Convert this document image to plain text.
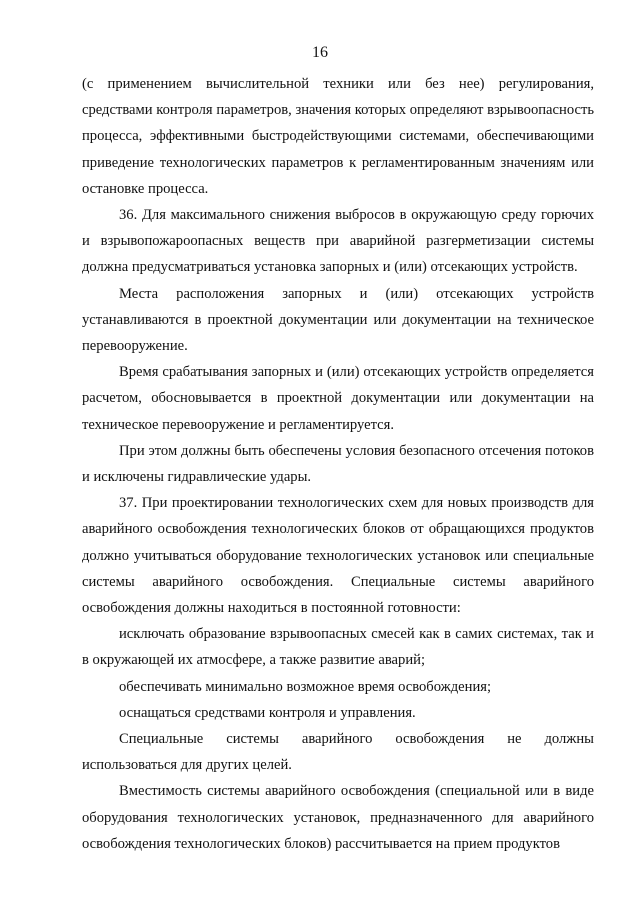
16

(с применением вычислительной техники или без нее) регулирования, средствами контроля параметров, значения которых определяют взрывоопасность процесса, эффективными быстродействующими системами, обеспечивающими приведение технологических параметров к регламентированным значениям или остановке процесса.

36. Для максимального снижения выбросов в окружающую среду горючих и взрывопожароопасных веществ при аварийной разгерметизации системы должна предусматриваться установка запорных и (или) отсекающих устройств.

Места расположения запорных и (или) отсекающих устройств устанавливаются в проектной документации или документации на техническое перевооружение.

Время срабатывания запорных и (или) отсекающих устройств определяется расчетом, обосновывается в проектной документации или документации на техническое перевооружение и регламентируется.

При этом должны быть обеспечены условия безопасного отсечения потоков и исключены гидравлические удары.

37. При проектировании технологических схем для новых производств для аварийного освобождения технологических блоков от обращающихся продуктов должно учитываться оборудование технологических установок или специальные системы аварийного освобождения. Специальные системы аварийного освобождения должны находиться в постоянной готовности:

исключать образование взрывоопасных смесей как в самих системах, так и в окружающей их атмосфере, а также развитие аварий;

обеспечивать минимально возможное время освобождения;

оснащаться средствами контроля и управления.

Специальные системы аварийного освобождения не должны использоваться для других целей.

Вместимость системы аварийного освобождения (специальной или в виде оборудования технологических установок, предназначенного для аварийного освобождения технологических блоков) рассчитывается на прием продуктов
